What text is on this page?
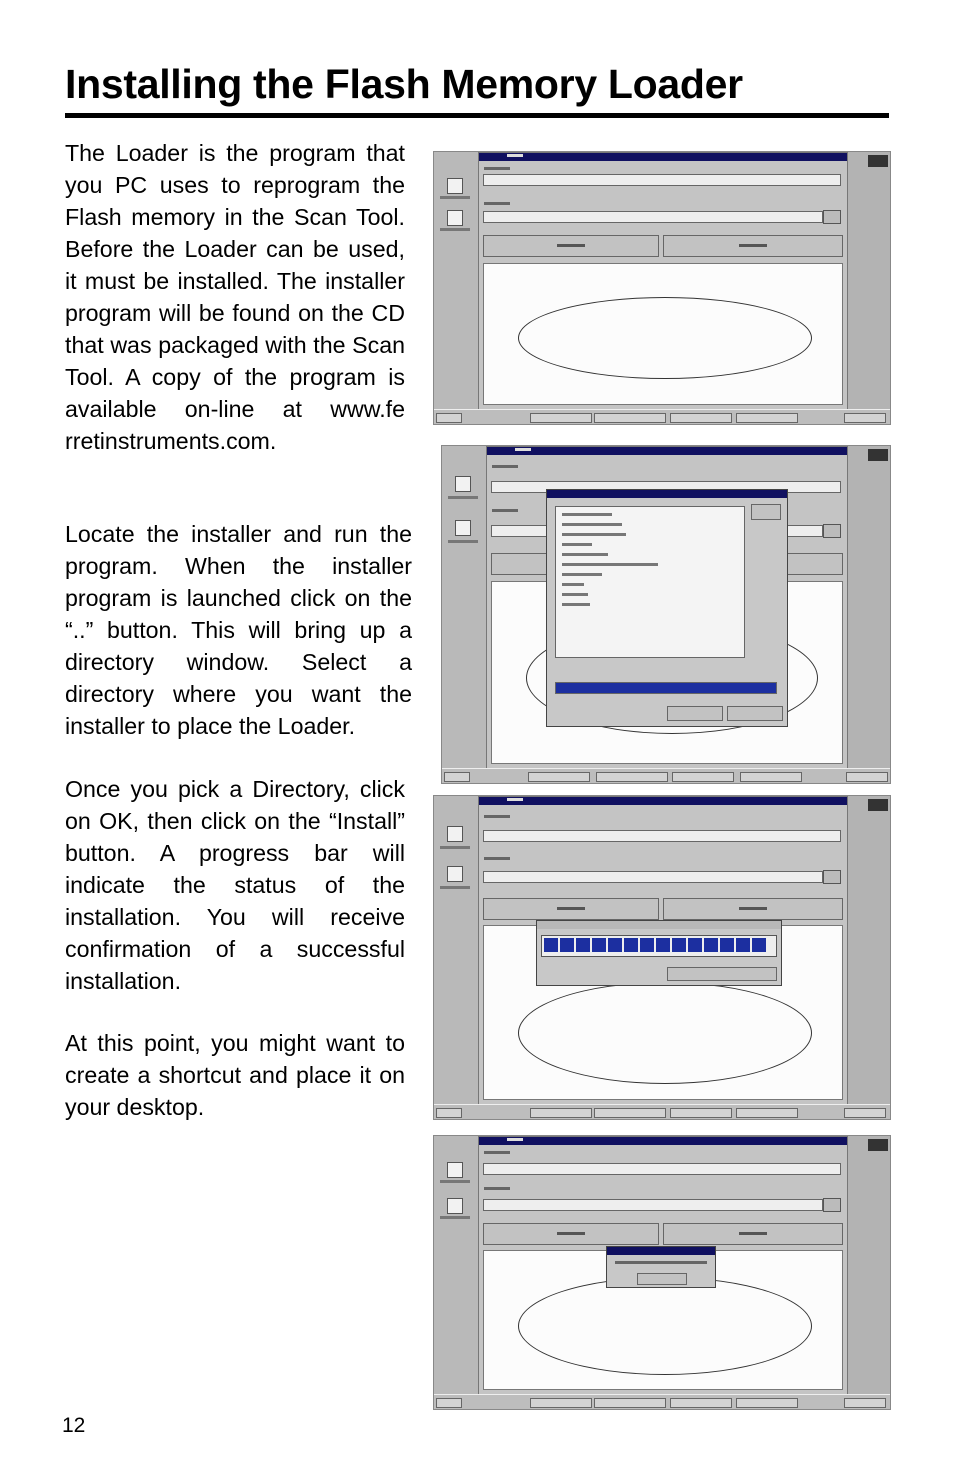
Installing the Flash Memory Loader

The Loader is the program that you PC uses to reprogram the Flash memory in the Scan Tool. Before the Loader can be used, it must be installed. The installer program will be found on the CD that was packaged with the Scan Tool. A copy of the program is available on-line at www.fe rretinstruments.com.

Locate the installer and run the program. When the installer program is launched click on the “..” button. This will bring up a directory window. Select a directory where you want the installer to place the Loader.

Once you pick a Directory, click on OK, then click on the “Install” button. A progress bar will indicate the status of the installation. You will receive confirmation of a successful installation.

At this point, you might want to create a shortcut and place it on your desktop.

12
